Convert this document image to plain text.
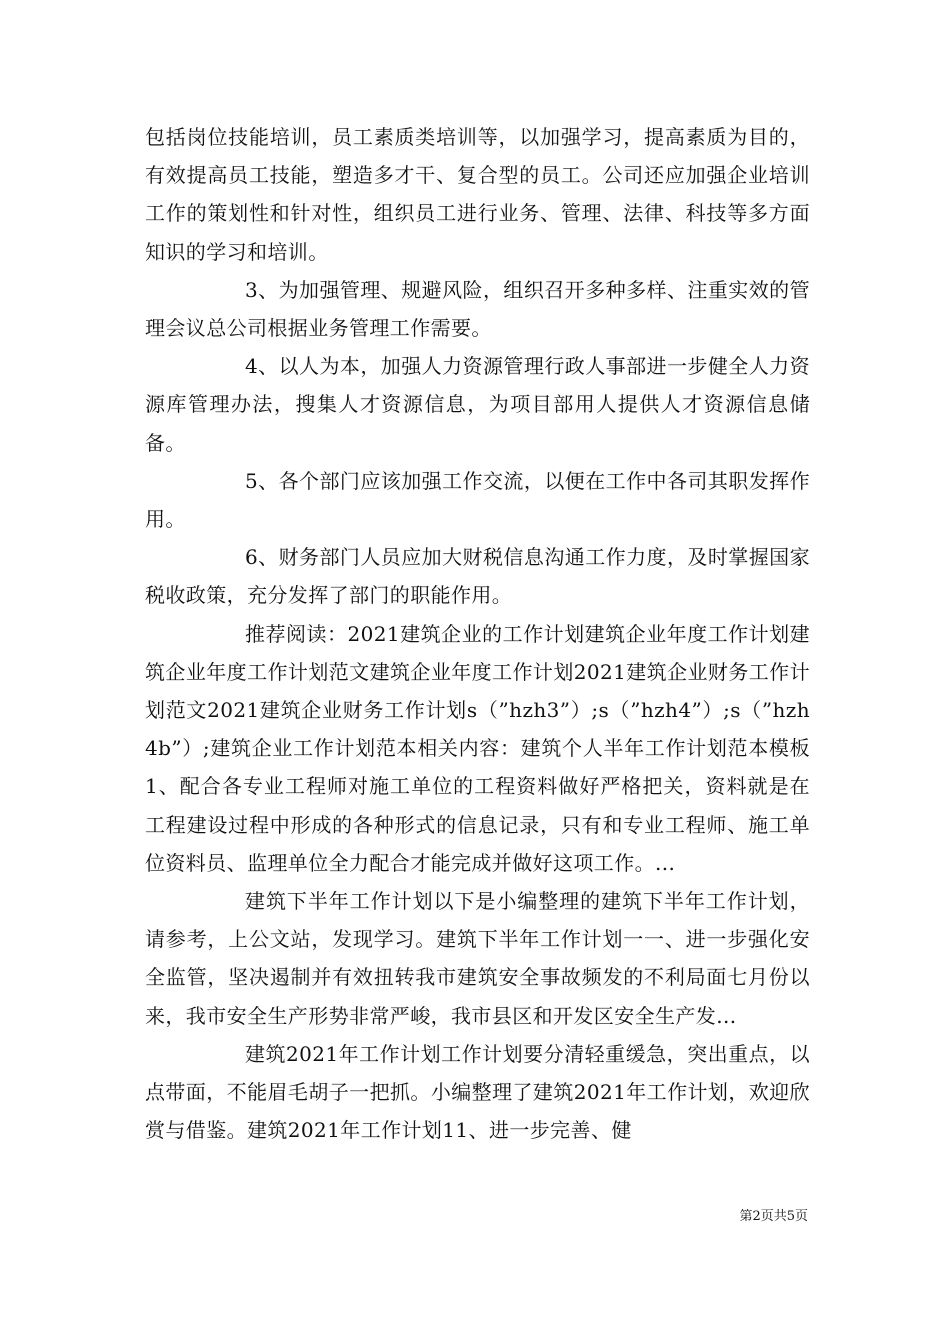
包括岗位技能培训，员工素质类培训等，以加强学习，提高素质为目的，有效提高员工技能，塑造多才干、复合型的员工。公司还应加强企业培训工作的策划性和针对性，组织员工进行业务、管理、法律、科技等多方面知识的学习和培训。

3、为加强管理、规避风险，组织召开多种多样、注重实效的管理会议总公司根据业务管理工作需要。

4、以人为本，加强人力资源管理行政人事部进一步健全人力资源库管理办法，搜集人才资源信息，为项目部用人提供人才资源信息储备。

5、各个部门应该加强工作交流，以便在工作中各司其职发挥作用。

6、财务部门人员应加大财税信息沟通工作力度，及时掌握国家税收政策，充分发挥了部门的职能作用。

推荐阅读：2021建筑企业的工作计划建筑企业年度工作计划建筑企业年度工作计划范文建筑企业年度工作计划2021建筑企业财务工作计划范文2021建筑企业财务工作计划s（”hzh3”）;s（”hzh4”）;s（”hzh4b”）;建筑企业工作计划范本相关内容：建筑个人半年工作计划范本模板1、配合各专业工程师对施工单位的工程资料做好严格把关，资料就是在工程建设过程中形成的各种形式的信息记录，只有和专业工程师、施工单位资料员、监理单位全力配合才能完成并做好这项工作。...

建筑下半年工作计划以下是小编整理的建筑下半年工作计划，请参考，上公文站，发现学习。建筑下半年工作计划一一、进一步强化安全监管，坚决遏制并有效扭转我市建筑安全事故频发的不利局面七月份以来，我市安全生产形势非常严峻，我市县区和开发区安全生产发...

建筑2021年工作计划工作计划要分清轻重缓急，突出重点，以点带面，不能眉毛胡子一把抓。小编整理了建筑2021年工作计划，欢迎欣赏与借鉴。建筑2021年工作计划11、进一步完善、健

第2页共5页
